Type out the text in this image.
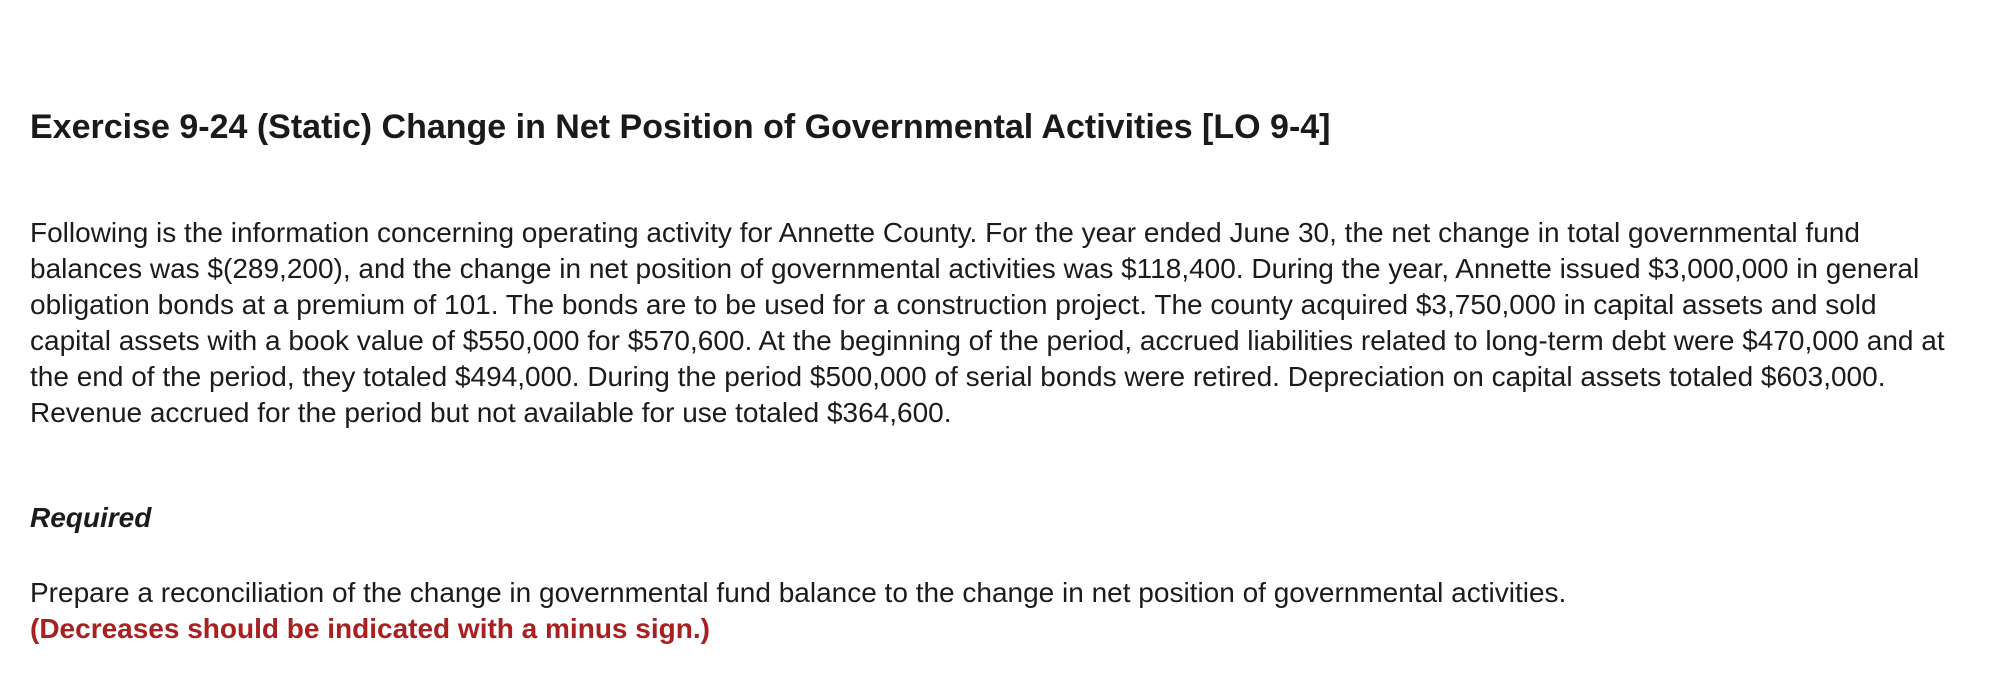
Exercise 9-24 (Static) Change in Net Position of Governmental Activities [LO 9-4]

Following is the information concerning operating activity for Annette County. For the year ended June 30, the net change in total governmental fund balances was $(289,200), and the change in net position of governmental activities was $118,400. During the year, Annette issued $3,000,000 in general obligation bonds at a premium of 101. The bonds are to be used for a construction project. The county acquired $3,750,000 in capital assets and sold capital assets with a book value of $550,000 for $570,600. At the beginning of the period, accrued liabilities related to long-term debt were $470,000 and at the end of the period, they totaled $494,000. During the period $500,000 of serial bonds were retired. Depreciation on capital assets totaled $603,000. Revenue accrued for the period but not available for use totaled $364,600.

Required

Prepare a reconciliation of the change in governmental fund balance to the change in net position of governmental activities.
(Decreases should be indicated with a minus sign.)
